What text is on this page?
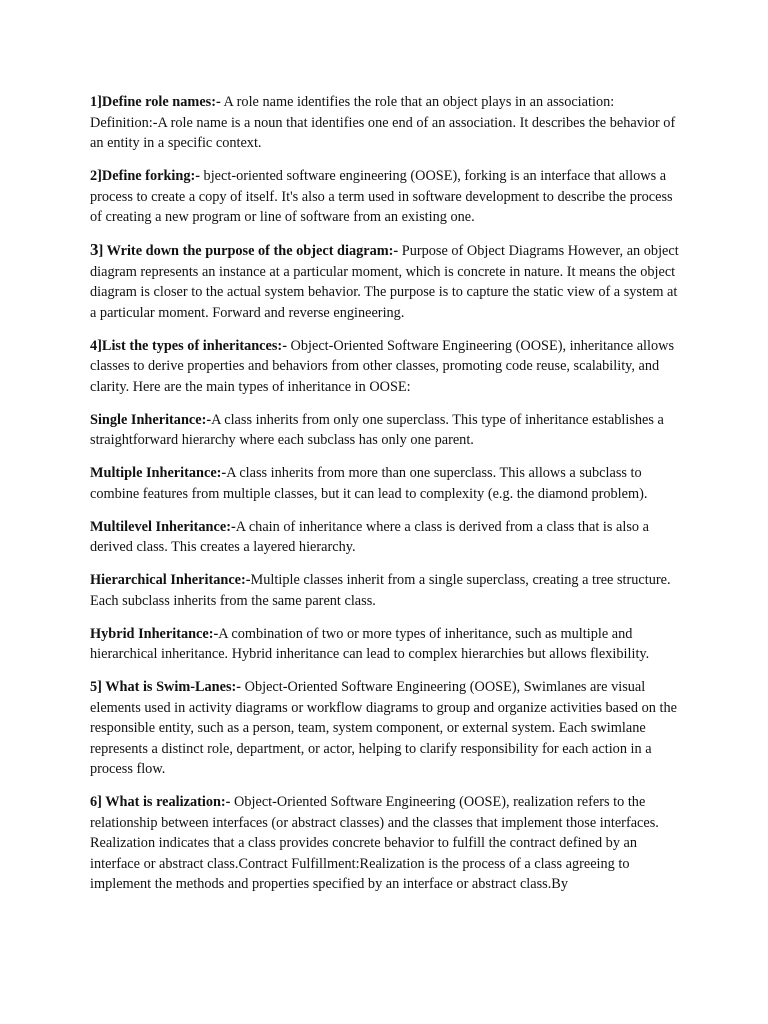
1]Define role names:- A role name identifies the role that an object plays in an association: Definition:-A role name is a noun that identifies one end of an association. It describes the behavior of an entity in a specific context.

2]Define forking:- bject-oriented software engineering (OOSE), forking is an interface that allows a process to create a copy of itself. It's also a term used in software development to describe the process of creating a new program or line of software from an existing one.

3] Write down the purpose of the object diagram:- Purpose of Object Diagrams However, an object diagram represents an instance at a particular moment, which is concrete in nature. It means the object diagram is closer to the actual system behavior. The purpose is to capture the static view of a system at a particular moment. Forward and reverse engineering.

4]List the types of inheritances:- Object-Oriented Software Engineering (OOSE), inheritance allows classes to derive properties and behaviors from other classes, promoting code reuse, scalability, and clarity. Here are the main types of inheritance in OOSE:

Single Inheritance:-A class inherits from only one superclass. This type of inheritance establishes a straightforward hierarchy where each subclass has only one parent.

Multiple Inheritance:-A class inherits from more than one superclass. This allows a subclass to combine features from multiple classes, but it can lead to complexity (e.g. the diamond problem).

Multilevel Inheritance:-A chain of inheritance where a class is derived from a class that is also a derived class. This creates a layered hierarchy.

Hierarchical Inheritance:-Multiple classes inherit from a single superclass, creating a tree structure. Each subclass inherits from the same parent class.

Hybrid Inheritance:-A combination of two or more types of inheritance, such as multiple and hierarchical inheritance. Hybrid inheritance can lead to complex hierarchies but allows flexibility.

5] What is Swim-Lanes:- Object-Oriented Software Engineering (OOSE), Swimlanes are visual elements used in activity diagrams or workflow diagrams to group and organize activities based on the responsible entity, such as a person, team, system component, or external system. Each swimlane represents a distinct role, department, or actor, helping to clarify responsibility for each action in a process flow.

6] What is realization:- Object-Oriented Software Engineering (OOSE), realization refers to the relationship between interfaces (or abstract classes) and the classes that implement those interfaces. Realization indicates that a class provides concrete behavior to fulfill the contract defined by an interface or abstract class.Contract Fulfillment:Realization is the process of a class agreeing to implement the methods and properties specified by an interface or abstract class.By
